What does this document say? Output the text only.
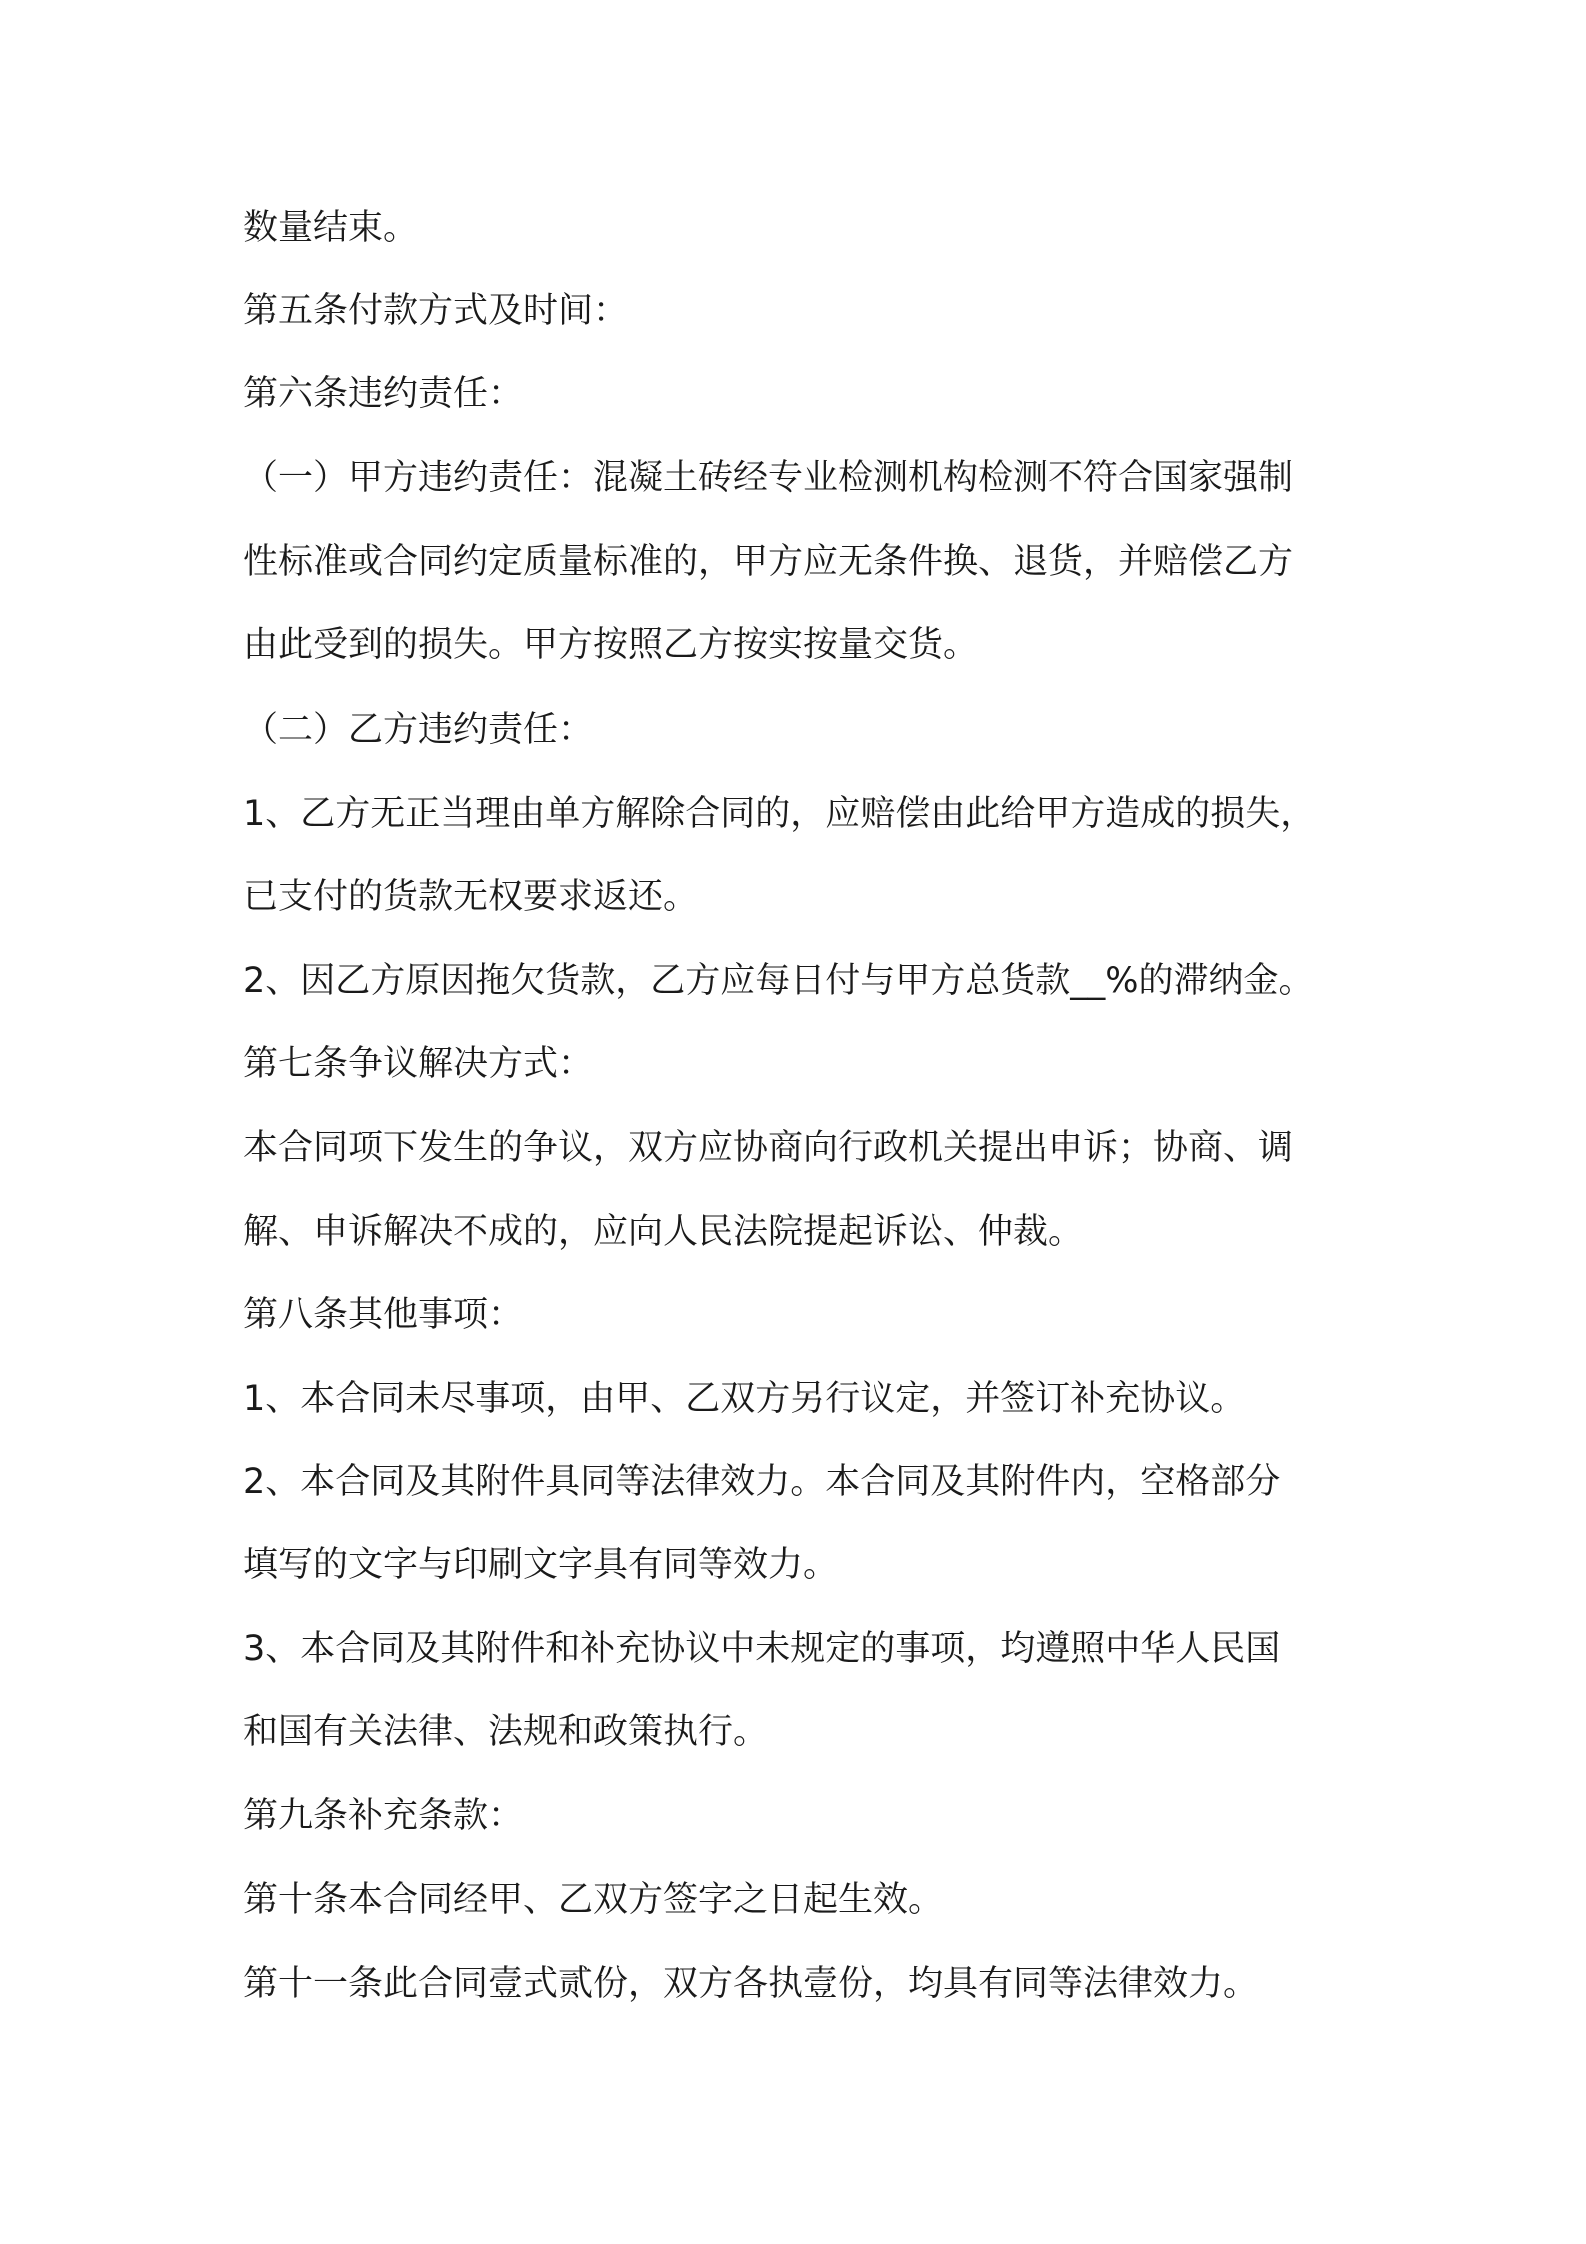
数量结束。
第五条付款方式及时间：
第六条违约责任：
（一）甲方违约责任：混凝土砖经专业检测机构检测不符合国家强制
性标准或合同约定质量标准的，甲方应无条件换、退货，并赔偿乙方
由此受到的损失。甲方按照乙方按实按量交货。
（二）乙方违约责任：
1、乙方无正当理由单方解除合同的，应赔偿由此给甲方造成的损失，
已支付的货款无权要求返还。
2、因乙方原因拖欠货款，乙方应每日付与甲方总货款__%的滞纳金。
第七条争议解决方式：
本合同项下发生的争议，双方应协商向行政机关提出申诉；协商、调
解、申诉解决不成的，应向人民法院提起诉讼、仲裁。
第八条其他事项：
1、本合同未尽事项，由甲、乙双方另行议定，并签订补充协议。
2、本合同及其附件具同等法律效力。本合同及其附件内，空格部分
填写的文字与印刷文字具有同等效力。
3、本合同及其附件和补充协议中未规定的事项，均遵照中华人民国
和国有关法律、法规和政策执行。
第九条补充条款：
第十条本合同经甲、乙双方签字之日起生效。
第十一条此合同壹式贰份，双方各执壹份，均具有同等法律效力。
